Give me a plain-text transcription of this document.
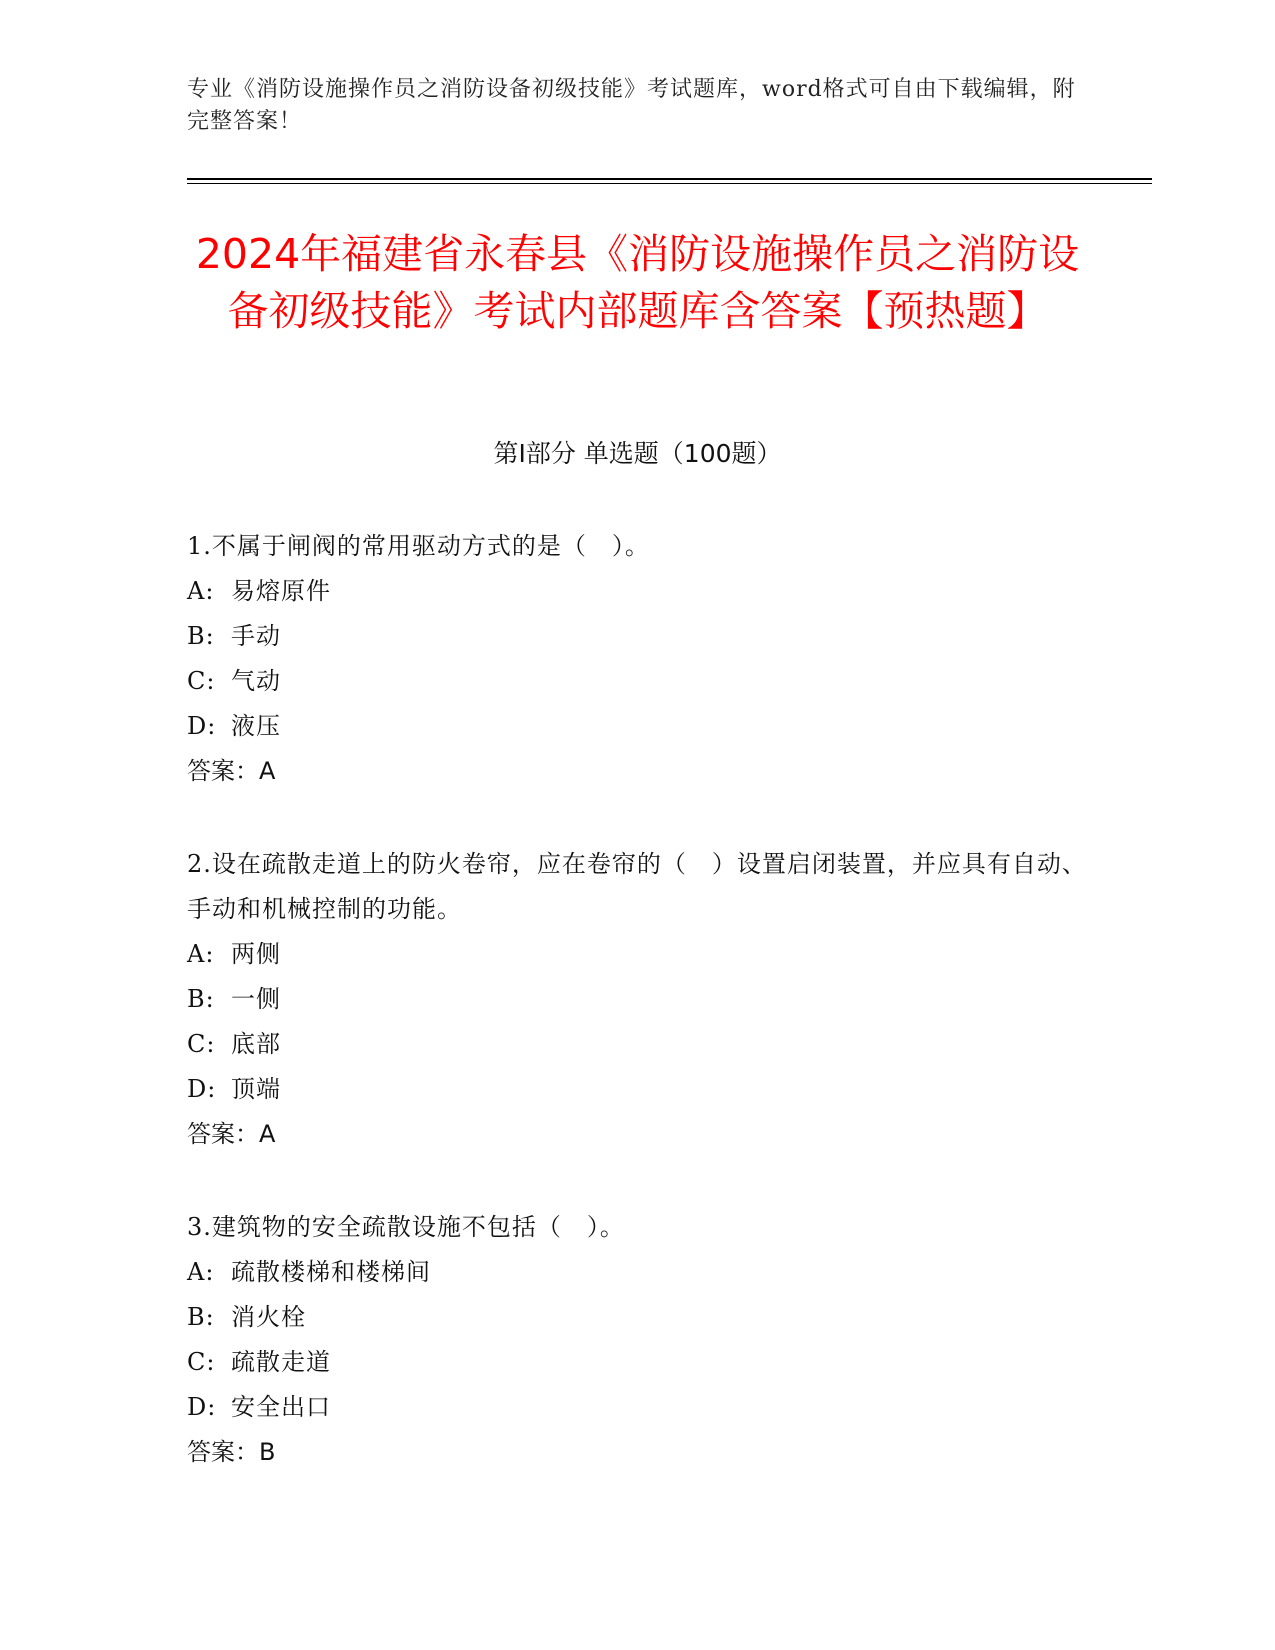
专业《消防设施操作员之消防设备初级技能》考试题库，word格式可自由下载编辑，附完整答案！
2024年福建省永春县《消防设施操作员之消防设备初级技能》考试内部题库含答案【预热题】
第I部分 单选题（100题）

1.不属于闸阀的常用驱动方式的是（　）。

A: 易熔原件

B: 手动

C: 气动

D: 液压

答案：A

2.设在疏散走道上的防火卷帘，应在卷帘的（　）设置启闭装置，并应具有自动、手动和机械控制的功能。

A: 两侧

B: 一侧

C: 底部

D: 顶端

答案：A

3.建筑物的安全疏散设施不包括（　）。

A: 疏散楼梯和楼梯间

B: 消火栓

C: 疏散走道

D: 安全出口

答案：B
